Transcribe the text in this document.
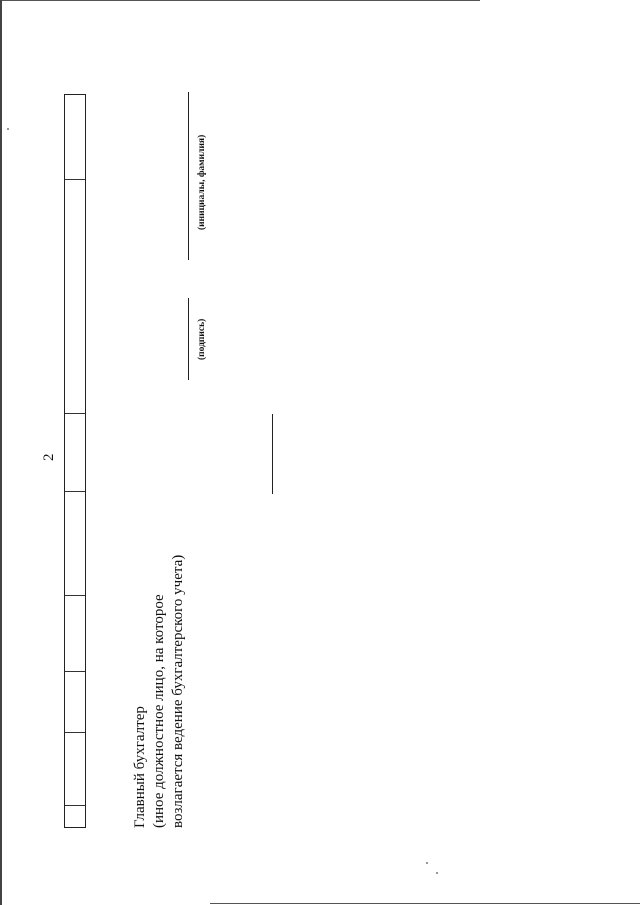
2
Главный бухгалтер (иное должностное лицо, на которое возлагается ведение бухгалтерского учета)
(подпись)
(инициалы, фамилия)
